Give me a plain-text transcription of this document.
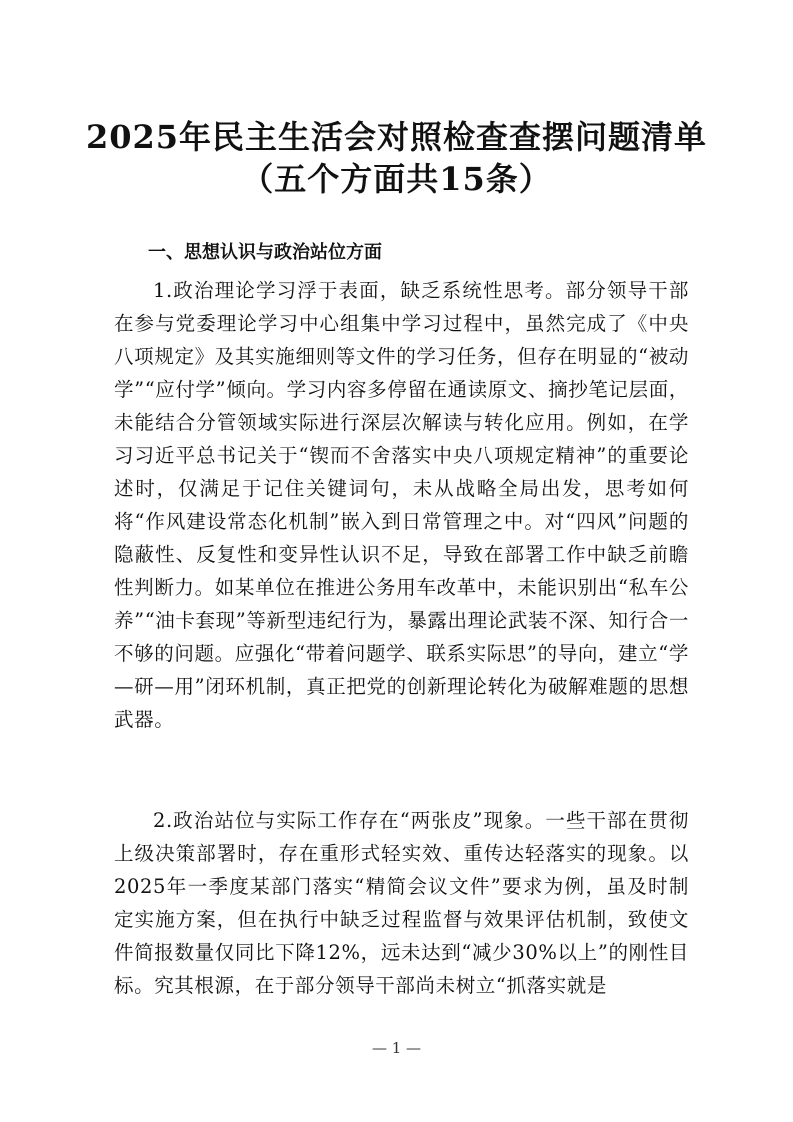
2025年民主生活会对照检查查摆问题清单
（五个方面共15条）
一、思想认识与政治站位方面

1.政治理论学习浮于表面，缺乏系统性思考。部分领导干部在参与党委理论学习中心组集中学习过程中，虽然完成了《中央八项规定》及其实施细则等文件的学习任务，但存在明显的“被动学”“应付学”倾向。学习内容多停留在通读原文、摘抄笔记层面，未能结合分管领域实际进行深层次解读与转化应用。例如，在学习习近平总书记关于“锲而不舍落实中央八项规定精神”的重要论述时，仅满足于记住关键词句，未从战略全局出发，思考如何将“作风建设常态化机制”嵌入到日常管理之中。对“四风”问题的隐蔽性、反复性和变异性认识不足，导致在部署工作中缺乏前瞻性判断力。如某单位在推进公务用车改革中，未能识别出“私车公养”“油卡套现”等新型违纪行为，暴露出理论武装不深、知行合一不够的问题。应强化“带着问题学、联系实际思”的导向，建立“学—研—用”闭环机制，真正把党的创新理论转化为破解难题的思想武器。

2.政治站位与实际工作存在“两张皮”现象。一些干部在贯彻上级决策部署时，存在重形式轻实效、重传达轻落实的现象。以2025年一季度某部门落实“精简会议文件”要求为例，虽及时制定实施方案，但在执行中缺乏过程监督与效果评估机制，致使文件简报数量仅同比下降12%，远未达到“减少30%以上”的刚性目标。究其根源，在于部分领导干部尚未树立“抓落实就是

— 1 —
